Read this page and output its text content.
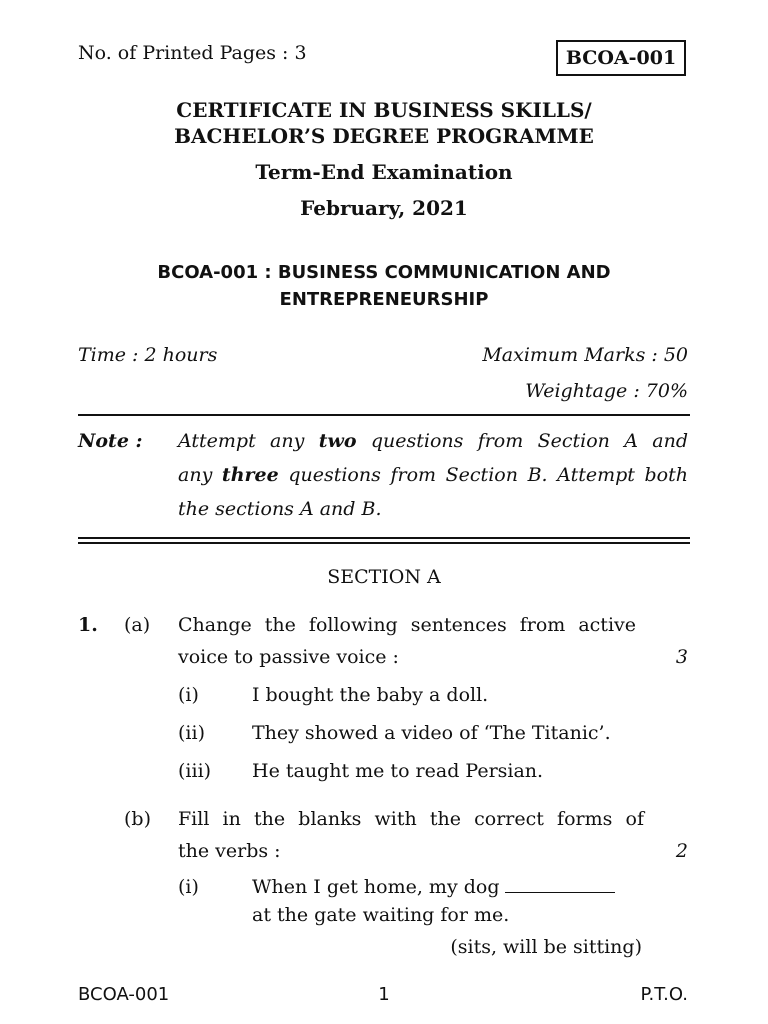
No. of Printed Pages : 3	BCOA-001
CERTIFICATE IN BUSINESS SKILLS/
BACHELOR’S DEGREE PROGRAMME
Term-End Examination
February, 2021
BCOA-001 : BUSINESS COMMUNICATION AND
ENTREPRENEURSHIP
Time : 2 hours	Maximum Marks : 50
Weightage : 70%
Note : Attempt any two questions from Section A and
any three questions from Section B. Attempt both
the sections A and B.
SECTION A
1. (a) Change the following sentences from active
voice to passive voice :	3
(i)	I bought the baby a doll.
(ii) They showed a video of ‘The Titanic’.
(iii) He taught me to read Persian.
(b) Fill in the blanks with the correct forms of
the verbs :	2
(i)	When I get home, my dog
at the gate waiting for me.
(sits, will be sitting)
BCOA-001	1	P.T.O.
